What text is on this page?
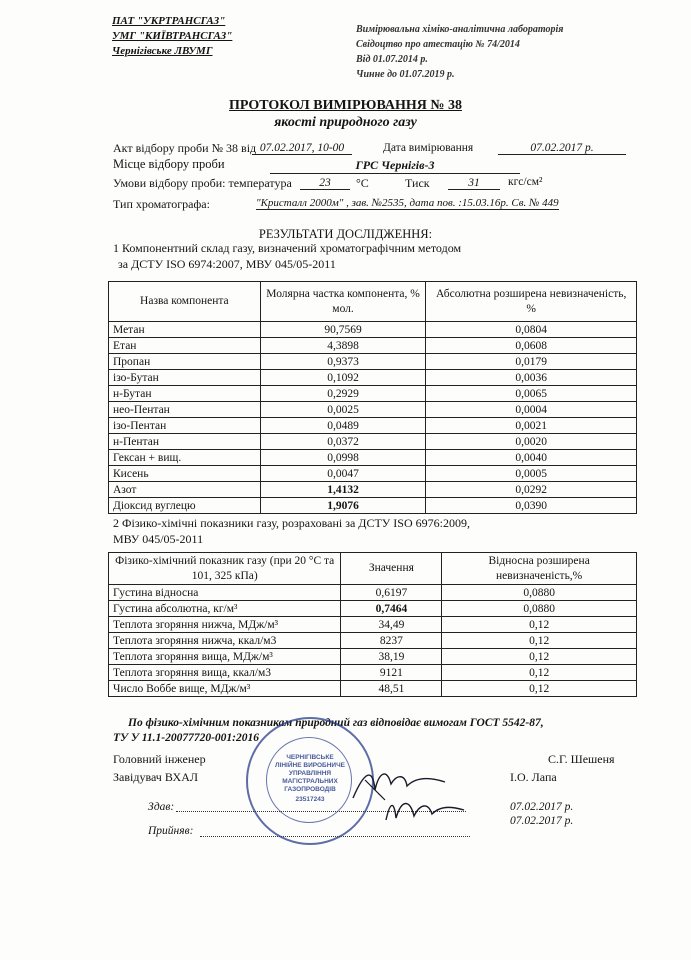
ПАТ "УКРТРАНСГАЗ"
УМГ "КИЇВТРАНСГАЗ"
Чернігівське ЛВУМГ
Вимірювальна хіміко-аналітична лабораторія
Свідоцтво про атестацію № 74/2014
Від 01.07.2014 р.
Чинне до 01.07.2019 р.
ПРОТОКОЛ ВИМІРЮВАННЯ № 38
якості природного газу
Акт відбору проби № 38 від 07.02.2017, 10-00	Дата вимірювання	07.02.2017 р.
Місце відбору проби	ГРС Чернігів-3
Умови відбору проби: температура	23	°С	Тиск	31	кгс/см²
Тип хроматографа:	"Кристалл 2000м" , зав. №2535, дата пов. :15.03.16р. Св. № 449
РЕЗУЛЬТАТИ ДОСЛІДЖЕННЯ:
1 Компонентний склад газу, визначений хроматографічним методом
за ДСТУ ISO 6974:2007, МВУ 045/05-2011
Назва компонента	Молярна частка компонента, % мол.	Абсолютна розширена невизначеність, %
Метан	90,7569	0,0804
Етан	4,3898	0,0608
Пропан	0,9373	0,0179
ізо-Бутан	0,1092	0,0036
н-Бутан	0,2929	0,0065
нео-Пентан	0,0025	0,0004
ізо-Пентан	0,0489	0,0021
н-Пентан	0,0372	0,0020
Гексан + вищ.	0,0998	0,0040
Кисень	0,0047	0,0005
Азот	1,4132	0,0292
Діоксид вуглецю	1,9076	0,0390
2 Фізико-хімічні показники газу, розраховані за ДСТУ ISO 6976:2009,
МВУ 045/05-2011
Фізико-хімічний показник газу (при 20 °С та 101, 325 кПа)	Значення	Відносна розширена невизначеність,%
Густина відносна	0,6197	0,0880
Густина абсолютна, кг/м³	0,7464	0,0880
Теплота згоряння нижча, МДж/м³	34,49	0,12
Теплота згоряння нижча, ккал/м3	8237	0,12
Теплота згоряння вища, МДж/м³	38,19	0,12
Теплота згоряння вища, ккал/м3	9121	0,12
Число Воббе вище, МДж/м³	48,51	0,12
По фізико-хімічним показникам природний газ відповідає вимогам ГОСТ 5542-87,
ТУ У 11.1-20077720-001:2016
Головний інженер	С.Г. Шешеня
Завідувач ВХАЛ	І.О. Лапа
Здав:	07.02.2017 р.
Прийняв:
07.02.2017 р.
ЧЕРНІГІВСЬКЕ
ЛІНІЙНЕ ВИРОБНИЧЕ
УПРАВЛІННЯ
МАГІСТРАЛЬНИХ
ГАЗОПРОВОДІВ
23517243
